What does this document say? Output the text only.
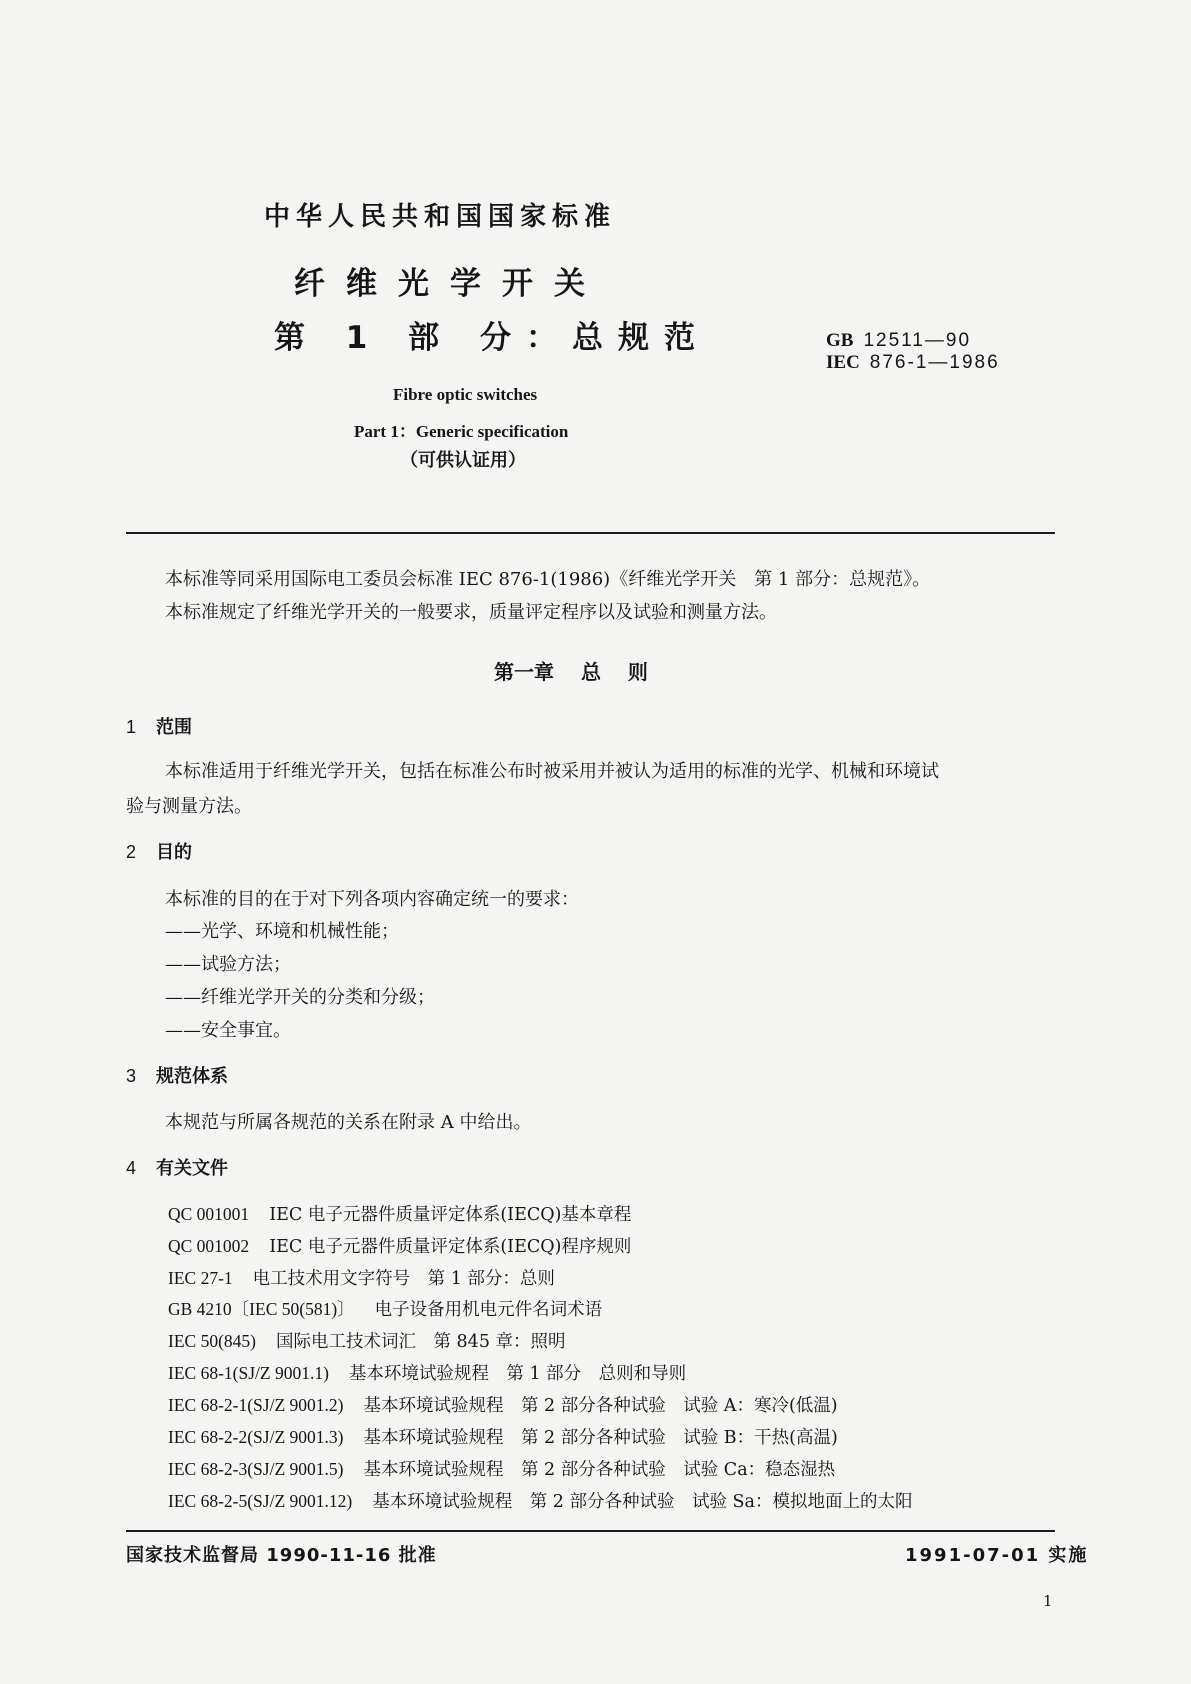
中华人民共和国国家标准
纤维光学开关
第 1 部 分：总规范	GB 12511—90
IEC 876-1—1986
Fibre optic switches
Part 1：Generic specification
（可供认证用）
本标准等同采用国际电工委员会标准 IEC 876-1(1986)《纤维光学开关　第 1 部分：总规范》。
本标准规定了纤维光学开关的一般要求，质量评定程序以及试验和测量方法。
第一章 总 则
1 范围
本标准适用于纤维光学开关，包括在标准公布时被采用并被认为适用的标准的光学、机械和环境试
验与测量方法。
2 目的
本标准的目的在于对下列各项内容确定统一的要求：
——光学、环境和机械性能；
——试验方法；
——纤维光学开关的分类和分级；
——安全事宜。
3 规范体系
本规范与所属各规范的关系在附录 A 中给出。
4 有关文件
QC 001001 IEC 电子元器件质量评定体系(IECQ)基本章程
QC 001002 IEC 电子元器件质量评定体系(IECQ)程序规则
IEC 27-1 电工技术用文字符号　第 1 部分：总则
GB 4210〔IEC 50(581)〕 电子设备用机电元件名词术语
IEC 50(845) 国际电工技术词汇　第 845 章：照明
IEC 68-1(SJ/Z 9001.1) 基本环境试验规程　第 1 部分　总则和导则
IEC 68-2-1(SJ/Z 9001.2) 基本环境试验规程　第 2 部分各种试验　试验 A：寒冷(低温)
IEC 68-2-2(SJ/Z 9001.3) 基本环境试验规程　第 2 部分各种试验　试验 B：干热(高温)
IEC 68-2-3(SJ/Z 9001.5) 基本环境试验规程　第 2 部分各种试验　试验 Ca：稳态湿热
IEC 68-2-5(SJ/Z 9001.12) 基本环境试验规程　第 2 部分各种试验　试验 Sa：模拟地面上的太阳
国家技术监督局 1990-11-16 批准	1991-07-01 实施
1
